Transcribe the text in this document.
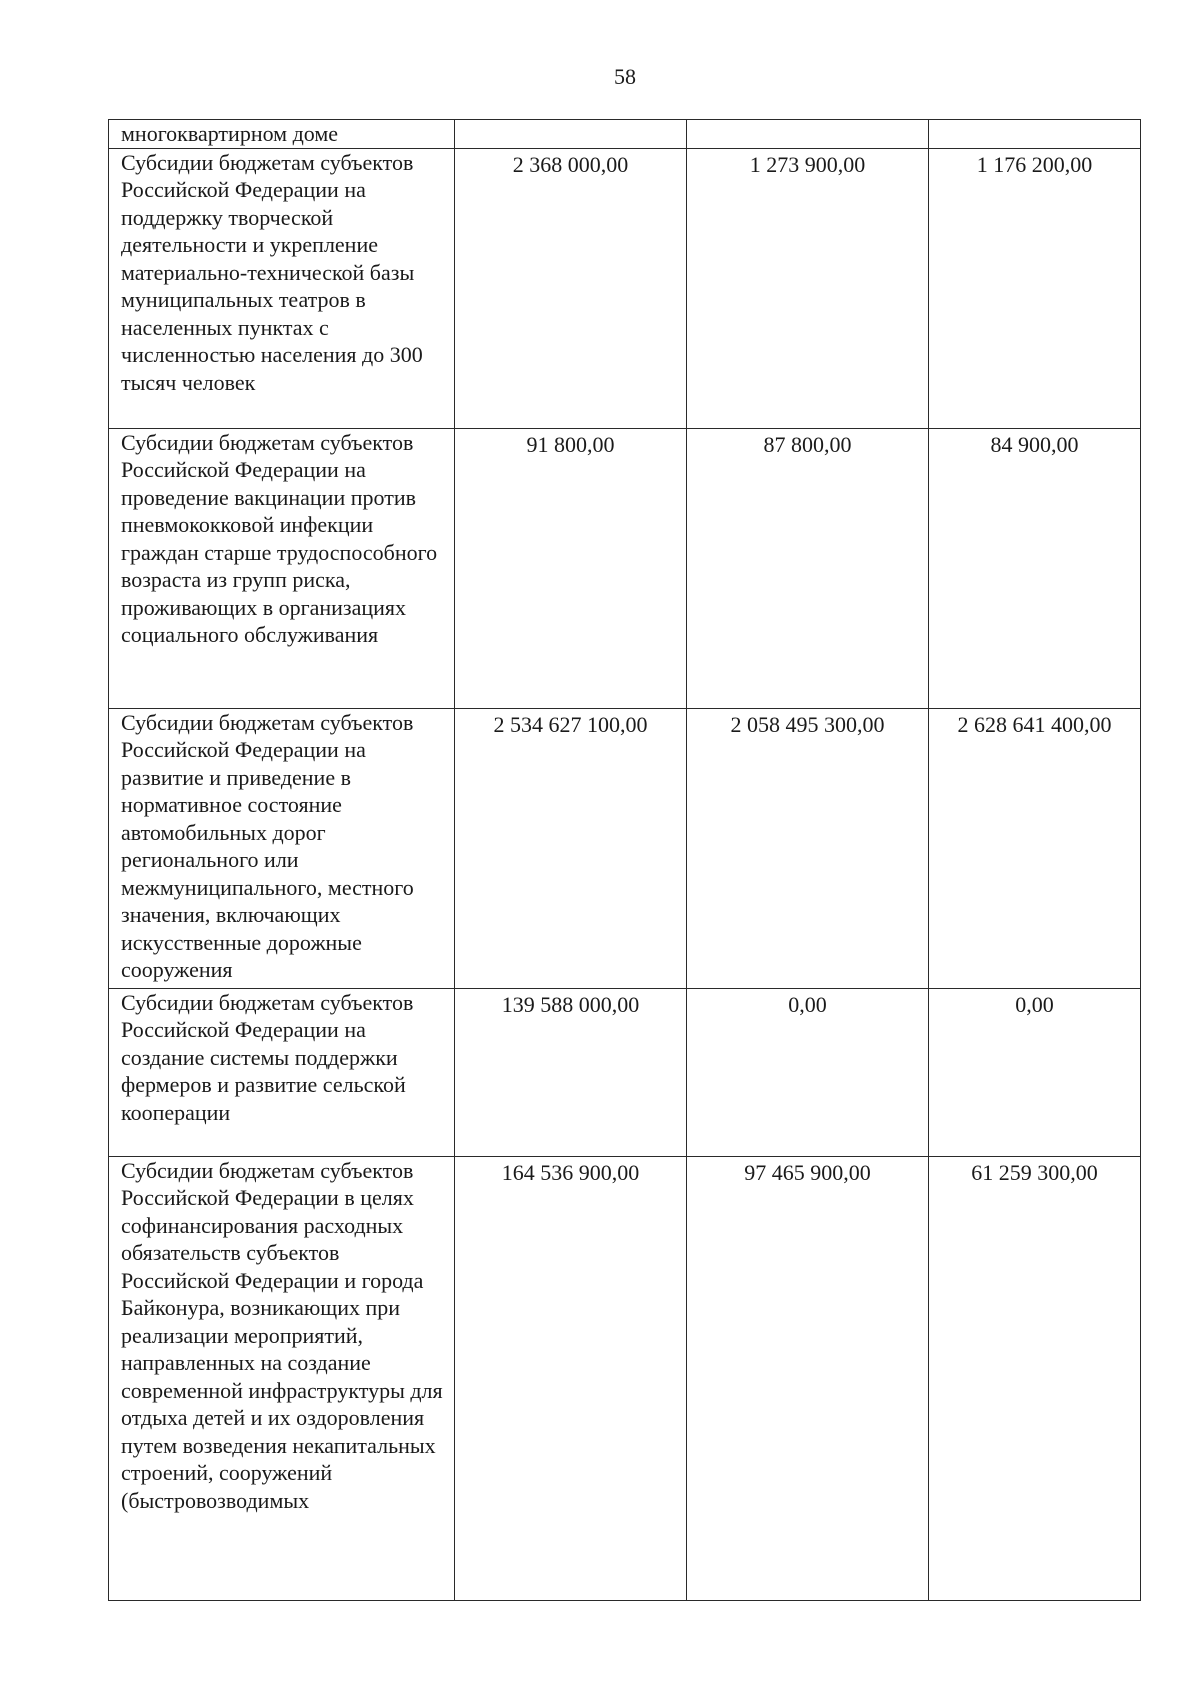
58
многоквартирном доме			
Субсидии бюджетам субъектов Российской Федерации на поддержку творческой деятельности и укрепление материально-технической базы муниципальных театров в населенных пунктах с численностью населения до 300 тысяч человек	2 368 000,00	1 273 900,00	1 176 200,00
Субсидии бюджетам субъектов Российской Федерации на проведение вакцинации против пневмококковой инфекции граждан старше трудоспособного возраста из групп риска, проживающих в организациях социального обслуживания	91 800,00	87 800,00	84 900,00
Субсидии бюджетам субъектов Российской Федерации на развитие и приведение в нормативное состояние автомобильных дорог регионального или межмуниципального, местного значения, включающих искусственные дорожные сооружения	2 534 627 100,00	2 058 495 300,00	2 628 641 400,00
Субсидии бюджетам субъектов Российской Федерации на создание системы поддержки фермеров и развитие сельской кооперации	139 588 000,00	0,00	0,00
Субсидии бюджетам субъектов Российской Федерации в целях софинансирования расходных обязательств субъектов Российской Федерации и города Байконура, возникающих при реализации мероприятий, направленных на создание современной инфраструктуры для отдыха детей и их оздоровления путем возведения некапитальных строений, сооружений (быстровозводимых	164 536 900,00	97 465 900,00	61 259 300,00
